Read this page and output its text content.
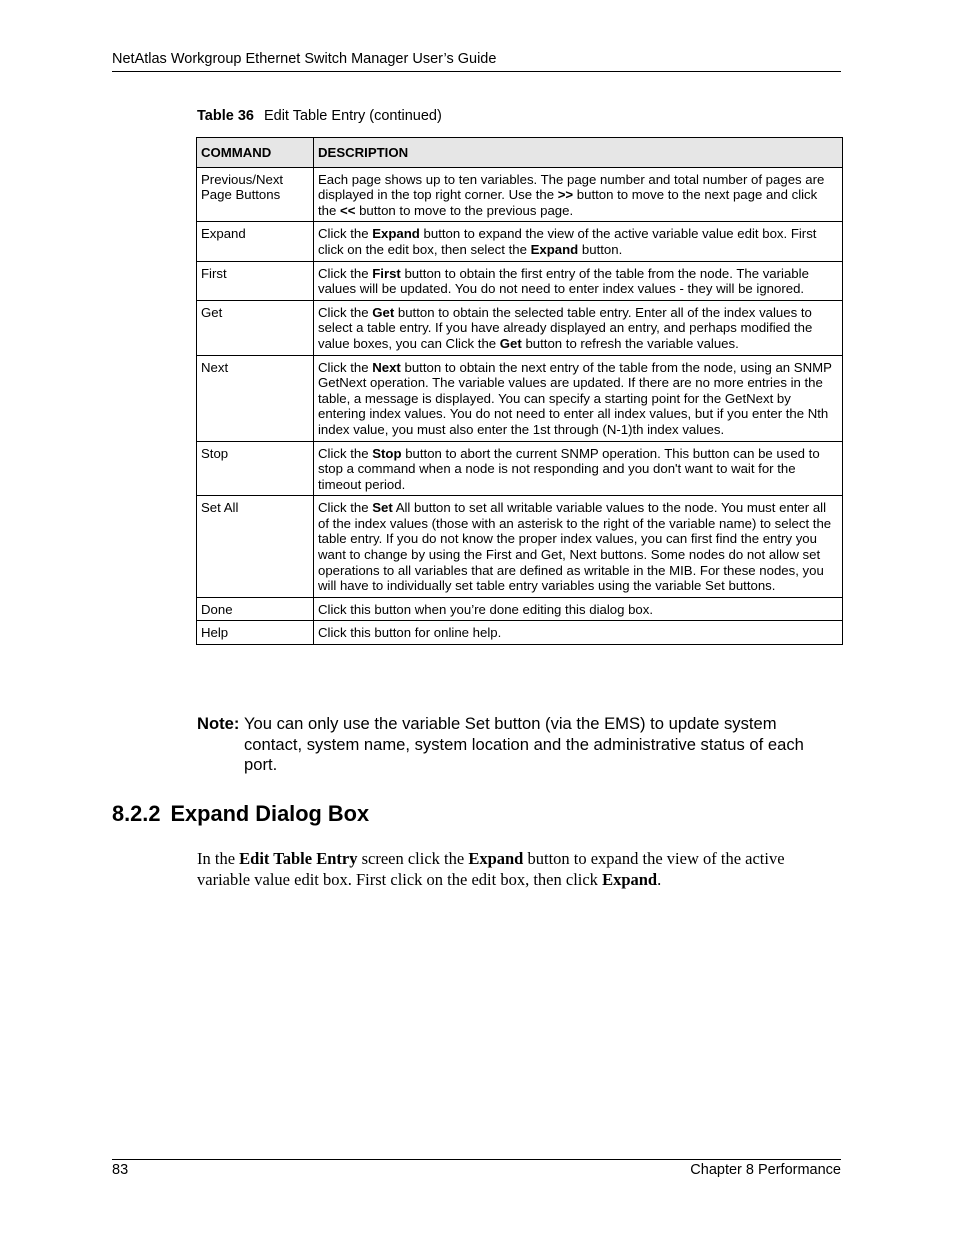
NetAtlas Workgroup Ethernet Switch Manager User’s Guide
Table 36 Edit Table Entry (continued)
COMMAND	DESCRIPTION
Previous/Next Page Buttons	Each page shows up to ten variables. The page number and total number of pages are displayed in the top right corner. Use the >> button to move to the next page and click the << button to move to the previous page.
Expand	Click the Expand button to expand the view of the active variable value edit box. First click on the edit box, then select the Expand button.
First	Click the First button to obtain the first entry of the table from the node. The variable values will be updated. You do not need to enter index values - they will be ignored.
Get	Click the Get button to obtain the selected table entry. Enter all of the index values to select a table entry. If you have already displayed an entry, and perhaps modified the value boxes, you can Click the Get button to refresh the variable values.
Next	Click the Next button to obtain the next entry of the table from the node, using an SNMP GetNext operation. The variable values are updated. If there are no more entries in the table, a message is displayed. You can specify a starting point for the GetNext by entering index values. You do not need to enter all index values, but if you enter the Nth index value, you must also enter the 1st through (N-1)th index values.
Stop	Click the Stop button to abort the current SNMP operation. This button can be used to stop a command when a node is not responding and you don't want to wait for the timeout period.
Set All	Click the Set All button to set all writable variable values to the node. You must enter all of the index values (those with an asterisk to the right of the variable name) to select the table entry. If you do not know the proper index values, you can first find the entry you want to change by using the First and Get, Next buttons. Some nodes do not allow set operations to all variables that are defined as writable in the MIB. For these nodes, you will have to individually set table entry variables using the variable Set buttons.
Done	Click this button when you’re done editing this dialog box.
Help	Click this button for online help.
Note: You can only use the variable Set button (via the EMS) to update system contact, system name, system location and the administrative status of each port.
8.2.2 Expand Dialog Box
In the Edit Table Entry screen click the Expand button to expand the view of the active variable value edit box. First click on the edit box, then click Expand.
83	Chapter 8 Performance
